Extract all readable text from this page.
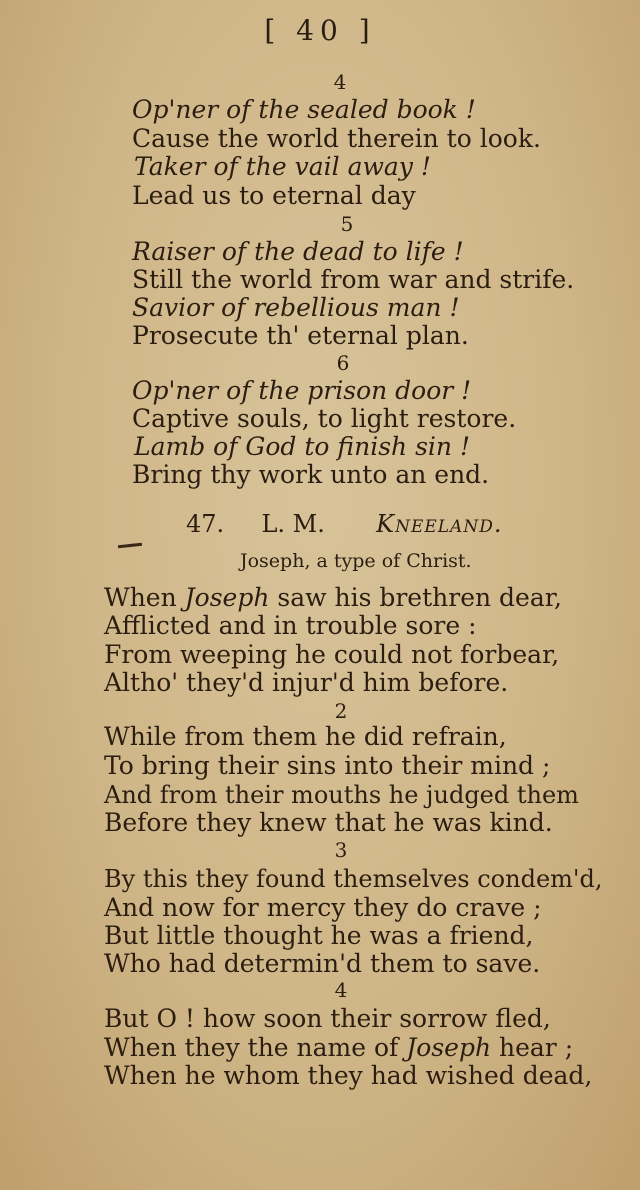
[ 40 ]
4
Op'ner of the sealed book !
Cause the world therein to look.
Taker of the vail away !
Lead us to eternal day
5
Raiser of the dead to life !
Still the world from war and strife.
Savior of rebellious man !
Prosecute th' eternal plan.
6
Op'ner of the prison door !
Captive souls, to light restore.
Lamb of God to finish sin !
Bring thy work unto an end.
47. L. M. Kneeland.
Joseph, a type of Christ.
When Joseph saw his brethren dear,
Afflicted and in trouble sore :
From weeping he could not forbear,
Altho' they'd injur'd him before.
2
While from them he did refrain,
To bring their sins into their mind ;
And from their mouths he judged them
Before they knew that he was kind.
3
By this they found themselves condem'd,
And now for mercy they do crave ;
But little thought he was a friend,
Who had determin'd them to save.
4
But O ! how soon their sorrow fled,
When they the name of Joseph hear ;
When he whom they had wished dead,
